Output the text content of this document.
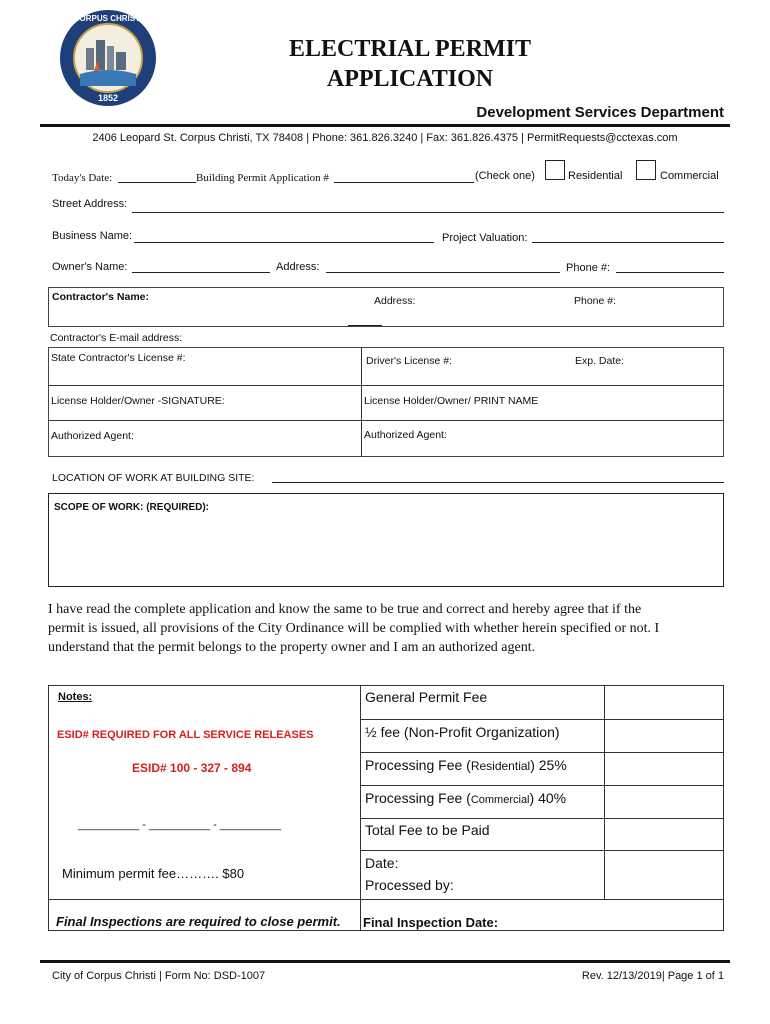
CORPUS CHRISTI
1852
ELECTRIAL PERMIT
APPLICATION
Development Services Department
2406 Leopard St. Corpus Christi, TX 78408 | Phone: 361.826.3240 | Fax: 361.826.4375 | PermitRequests@cctexas.com
Today's Date:	Building Permit Application #	(Check one)	Residential	Commercial
Street Address:
Business Name:	Project Valuation:
Owner's Name:	Address:	Phone #:
Contractor's Name:	Address:	Phone #:
Contractor's E-mail address:
State Contractor's License #:	Driver's License #:	Exp. Date:
License Holder/Owner -SIGNATURE:	License Holder/Owner/ PRINT NAME
Authorized Agent:	Authorized Agent:
LOCATION OF WORK AT BUILDING SITE:
SCOPE OF WORK: (REQUIRED):
I have read the complete application and know the same to be true and correct and hereby agree that if the
permit is issued, all provisions of the City Ordinance will be complied with whether herein specified or not. I
understand that the permit belongs to the property owner and I am an authorized agent.
Notes:
ESID# REQUIRED FOR ALL SERVICE RELEASES
ESID# 100 - 327 - 894
__________ - __________ - __________
Minimum permit fee………. $80
Final Inspections are required to close permit.
General Permit Fee
½ fee (Non-Profit Organization)
Processing Fee (Residential) 25%
Processing Fee (Commercial) 40%
Total Fee to be Paid
Date:
Processed by:
Final Inspection Date:
City of Corpus Christi | Form No: DSD-1007	Rev. 12/13/2019| Page 1 of 1
